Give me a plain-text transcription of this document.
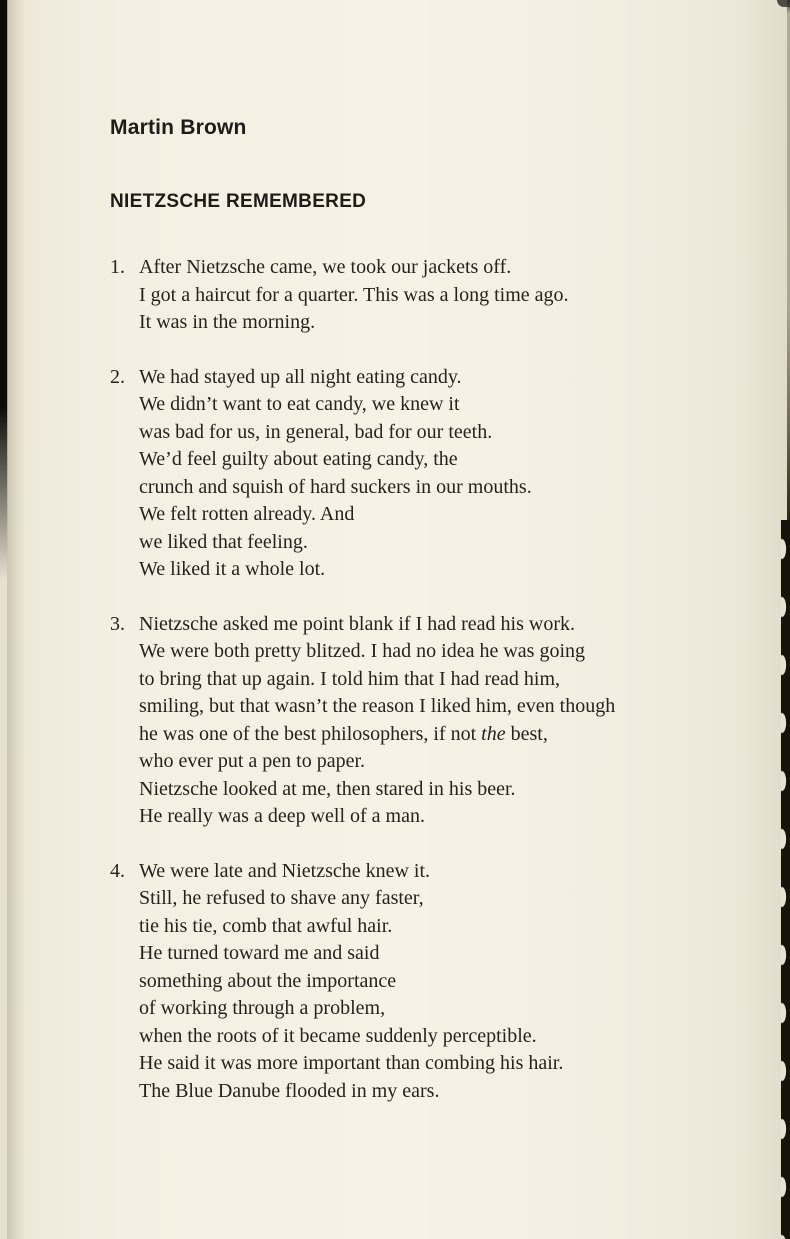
Martin Brown
NIETZSCHE REMEMBERED
1. After Nietzsche came, we took our jackets off.
I got a haircut for a quarter. This was a long time ago.
It was in the morning.
2. We had stayed up all night eating candy.
We didn’t want to eat candy, we knew it
was bad for us, in general, bad for our teeth.
We’d feel guilty about eating candy, the
crunch and squish of hard suckers in our mouths.
We felt rotten already. And
we liked that feeling.
We liked it a whole lot.
3. Nietzsche asked me point blank if I had read his work.
We were both pretty blitzed. I had no idea he was going
to bring that up again. I told him that I had read him,
smiling, but that wasn’t the reason I liked him, even though
he was one of the best philosophers, if not the best,
who ever put a pen to paper.
Nietzsche looked at me, then stared in his beer.
He really was a deep well of a man.
4. We were late and Nietzsche knew it.
Still, he refused to shave any faster,
tie his tie, comb that awful hair.
He turned toward me and said
something about the importance
of working through a problem,
when the roots of it became suddenly perceptible.
He said it was more important than combing his hair.
The Blue Danube flooded in my ears.
